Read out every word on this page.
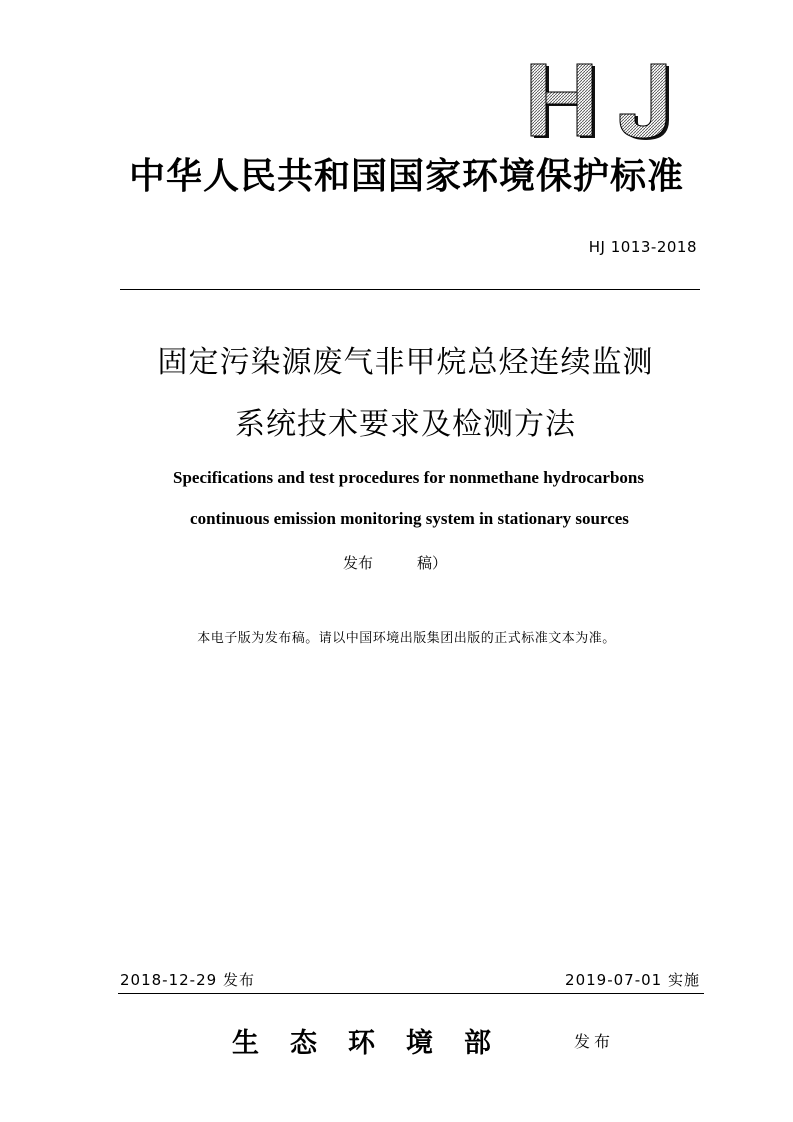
中华人民共和国国家环境保护标准
HJ 1013-2018
固定污染源废气非甲烷总烃连续监测
系统技术要求及检测方法
Specifications and test procedures for nonmethane hydrocarbons
continuous emission monitoring system in stationary sources
发布	稿）
本电子版为发布稿。请以中国环境出版集团出版的正式标准文本为准。
2018-12-29 发布	2019-07-01 实施
生态环境部	发布
